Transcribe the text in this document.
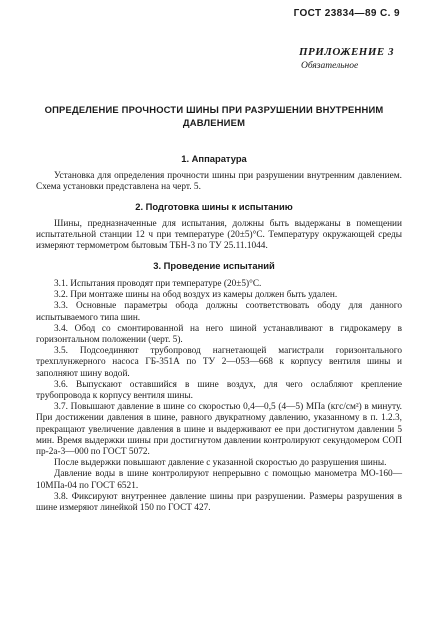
ГОСТ 23834—89 С. 9
ПРИЛОЖЕНИЕ 3
Обязательное
ОПРЕДЕЛЕНИЕ ПРОЧНОСТИ ШИНЫ ПРИ РАЗРУШЕНИИ ВНУТРЕННИМ
ДАВЛЕНИЕМ
1. Аппаратура

Установка для определения прочности шины при разрушении внутренним давлением. Схема установки представлена на черт. 5.

2. Подготовка шины к испытанию

Шины, предназначенные для испытания, должны быть выдержаны в помещении испытательной станции 12 ч при температуре (20±5)°С. Температуру окружающей среды измеряют термометром бытовым ТБН-3 по ТУ 25.11.1044.

3. Проведение испытаний

3.1. Испытания проводят при температуре (20±5)°С.

3.2. При монтаже шины на обод воздух из камеры должен быть удален.

3.3. Основные параметры обода должны соответствовать ободу для данного испытываемого типа шин.

3.4. Обод со смонтированной на него шиной устанавливают в гидрокамеру в горизонтальном положении (черт. 5).

3.5. Подсоединяют трубопровод нагнетающей магистрали горизонтального трехплунжерного насоса ГБ-351А по ТУ 2—053—668 к корпусу вентиля шины и заполняют шину водой.

3.6. Выпускают оставшийся в шине воздух, для чего ослабляют крепление трубопровода к корпусу вентиля шины.

3.7. Повышают давление в шине со скоростью 0,4—0,5 (4—5) МПа (кгс/см²) в минуту. При достижении давления в шине, равного двукратному давлению, указанному в п. 1.2.3, прекращают увеличение давления в шине и выдерживают ее при достигнутом давлении 5 мин. Время выдержки шины при достигнутом давлении контролируют секундомером СОП пр-2а-3—000 по ГОСТ 5072.

После выдержки повышают давление с указанной скоростью до разрушения шины.

Давление воды в шине контролируют непрерывно с помощью манометра МО-160—10МПа-04 по ГОСТ 6521.

3.8. Фиксируют внутреннее давление шины при разрушении. Размеры разрушения в шине измеряют линейкой 150 по ГОСТ 427.
